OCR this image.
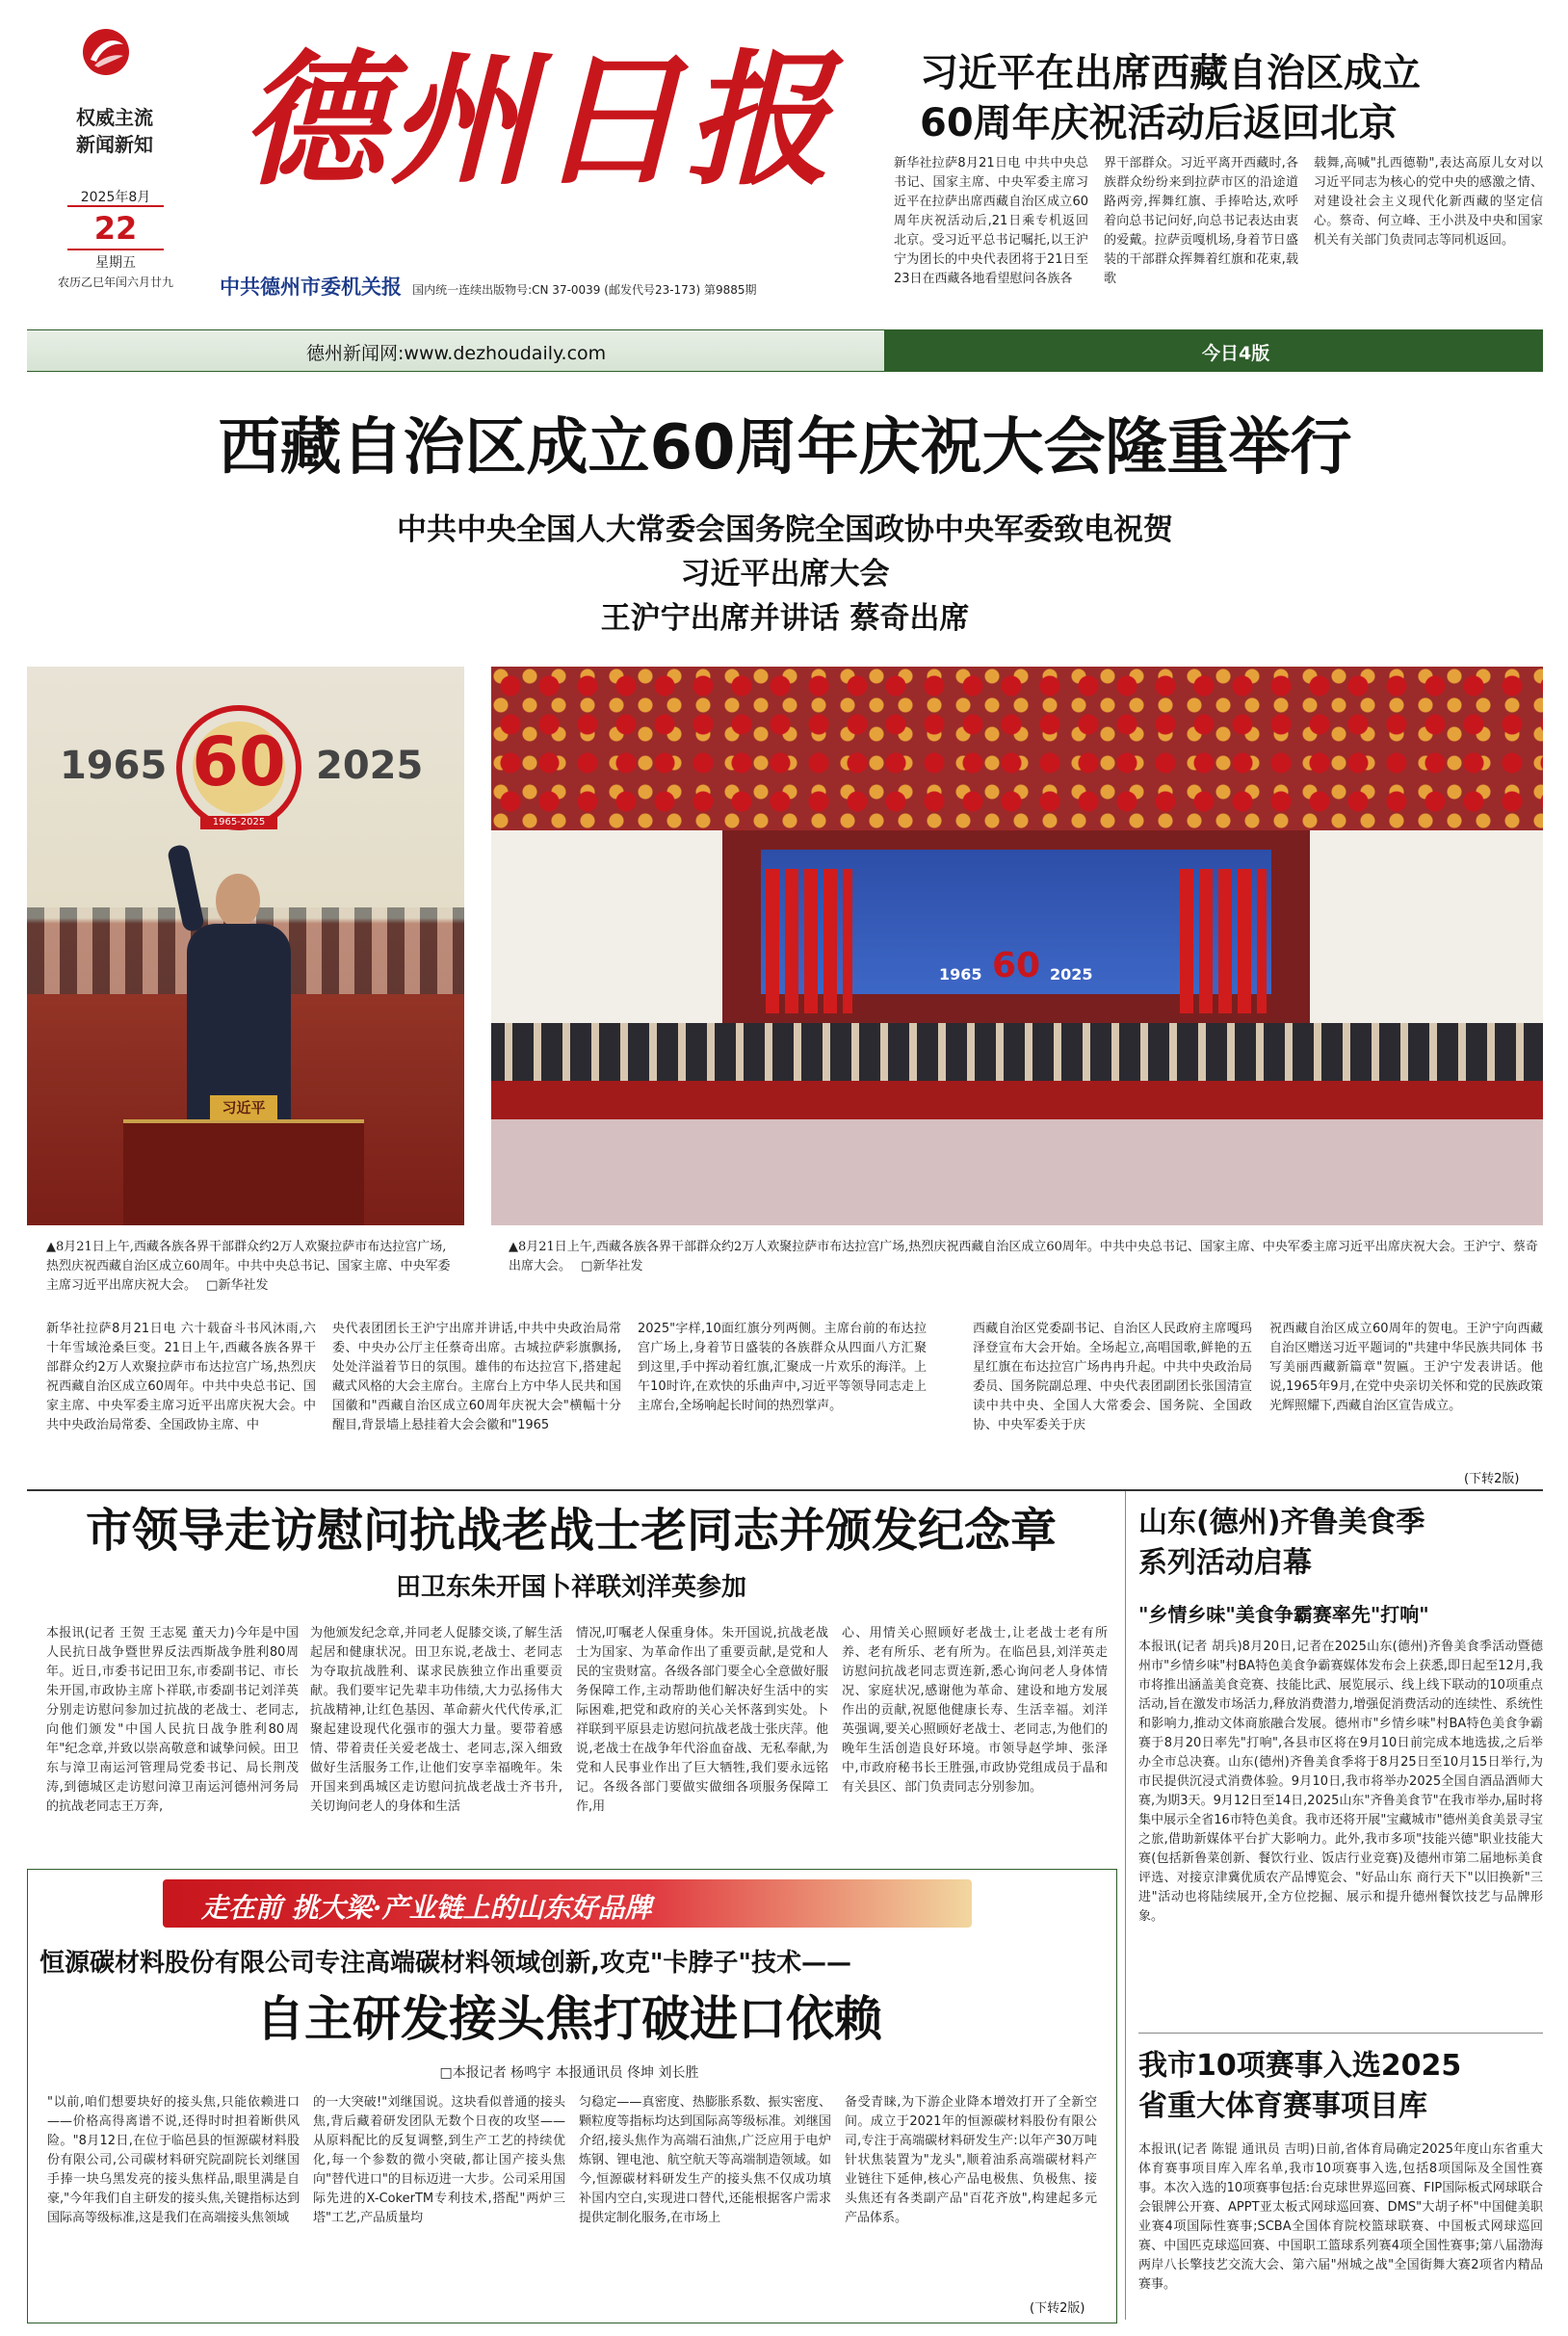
权威主流
新闻新知
2025年8月
22
星期五
农历乙巳年闰六月廿九
德州日报
中共德州市委机关报 国内统一连续出版物号:CN 37-0039 (邮发代号23-173) 第9885期
习近平在出席西藏自治区成立
60周年庆祝活动后返回北京
新华社拉萨8月21日电 中共中央总书记、国家主席、中央军委主席习近平在拉萨出席西藏自治区成立60周年庆祝活动后,21日乘专机返回北京。受习近平总书记嘱托,以王沪宁为团长的中央代表团将于21日至23日在西藏各地看望慰问各族各
界干部群众。习近平离开西藏时,各族群众纷纷来到拉萨市区的沿途道路两旁,挥舞红旗、手捧哈达,欢呼着向总书记问好,向总书记表达由衷的爱戴。拉萨贡嘎机场,身着节日盛装的干部群众挥舞着红旗和花束,载歌
载舞,高喊"扎西德勒",表达高原儿女对以习近平同志为核心的党中央的感激之情、对建设社会主义现代化新西藏的坚定信心。蔡奇、何立峰、王小洪及中央和国家机关有关部门负责同志等同机返回。
德州新闻网:www.dezhoudaily.com	今日4版
西藏自治区成立60周年庆祝大会隆重举行
中共中央全国人大常委会国务院全国政协中央军委致电祝贺
习近平出席大会
王沪宁出席并讲话 蔡奇出席
1965	2025
60
1965-2025
习近平
1965	2025
60
▲8月21日上午,西藏各族各界干部群众约2万人欢聚拉萨市布达拉宫广场,热烈庆祝西藏自治区成立60周年。中共中央总书记、国家主席、中央军委主席习近平出席庆祝大会。 □新华社发
▲8月21日上午,西藏各族各界干部群众约2万人欢聚拉萨市布达拉宫广场,热烈庆祝西藏自治区成立60周年。中共中央总书记、国家主席、中央军委主席习近平出席庆祝大会。王沪宁、蔡奇出席大会。 □新华社发
新华社拉萨8月21日电 六十载奋斗书风沐雨,六十年雪域沧桑巨变。21日上午,西藏各族各界干部群众约2万人欢聚拉萨市布达拉宫广场,热烈庆祝西藏自治区成立60周年。中共中央总书记、国家主席、中央军委主席习近平出席庆祝大会。中共中央政治局常委、全国政协主席、中
央代表团团长王沪宁出席并讲话,中共中央政治局常委、中央办公厅主任蔡奇出席。古城拉萨彩旗飘扬,处处洋溢着节日的氛围。雄伟的布达拉宫下,搭建起藏式风格的大会主席台。主席台上方中华人民共和国国徽和"西藏自治区成立60周年庆祝大会"横幅十分醒目,背景墙上悬挂着大会会徽和"1965
2025"字样,10面红旗分列两侧。主席台前的布达拉宫广场上,身着节日盛装的各族群众从四面八方汇聚到这里,手中挥动着红旗,汇聚成一片欢乐的海洋。上午10时许,在欢快的乐曲声中,习近平等领导同志走上主席台,全场响起长时间的热烈掌声。
西藏自治区党委副书记、自治区人民政府主席嘎玛泽登宣布大会开始。全场起立,高唱国歌,鲜艳的五星红旗在布达拉宫广场冉冉升起。中共中央政治局委员、国务院副总理、中央代表团副团长张国清宣读中共中央、全国人大常委会、国务院、全国政协、中央军委关于庆
祝西藏自治区成立60周年的贺电。王沪宁向西藏自治区赠送习近平题词的"共建中华民族共同体 书写美丽西藏新篇章"贺匾。王沪宁发表讲话。他说,1965年9月,在党中央亲切关怀和党的民族政策光辉照耀下,西藏自治区宣告成立。
(下转2版)
市领导走访慰问抗战老战士老同志并颁发纪念章
田卫东朱开国卜祥联刘洋英参加
本报讯(记者 王贺 王志冕 董天力)今年是中国人民抗日战争暨世界反法西斯战争胜利80周年。近日,市委书记田卫东,市委副书记、市长朱开国,市政协主席卜祥联,市委副书记刘洋英分别走访慰问参加过抗战的老战士、老同志,向他们颁发"中国人民抗日战争胜利80周年"纪念章,并致以崇高敬意和诚挚问候。田卫东与漳卫南运河管理局党委书记、局长荆茂涛,到德城区走访慰问漳卫南运河德州河务局的抗战老同志王万奔,
为他颁发纪念章,并同老人促膝交谈,了解生活起居和健康状况。田卫东说,老战士、老同志为夺取抗战胜利、谋求民族独立作出重要贡献。我们要牢记先辈丰功伟绩,大力弘扬伟大抗战精神,让红色基因、革命薪火代代传承,汇聚起建设现代化强市的强大力量。要带着感情、带着责任关爱老战士、老同志,深入细致做好生活服务工作,让他们安享幸福晚年。朱开国来到禹城区走访慰问抗战老战士齐书升,关切询问老人的身体和生活
情况,叮嘱老人保重身体。朱开国说,抗战老战士为国家、为革命作出了重要贡献,是党和人民的宝贵财富。各级各部门要全心全意做好服务保障工作,主动帮助他们解决好生活中的实际困难,把党和政府的关心关怀落到实处。卜祥联到平原县走访慰问抗战老战士张庆萍。他说,老战士在战争年代浴血奋战、无私奉献,为党和人民事业作出了巨大牺牲,我们要永远铭记。各级各部门要做实做细各项服务保障工作,用
心、用情关心照顾好老战士,让老战士老有所养、老有所乐、老有所为。在临邑县,刘洋英走访慰问抗战老同志贾连新,悉心询问老人身体情况、家庭状况,感谢他为革命、建设和地方发展作出的贡献,祝愿他健康长寿、生活幸福。刘洋英强调,要关心照顾好老战士、老同志,为他们的晚年生活创造良好环境。市领导赵学坤、张泽中,市政府秘书长王胜强,市政协党组成员于晶和有关县区、部门负责同志分别参加。
山东(德州)齐鲁美食季
系列活动启幕
"乡情乡味"美食争霸赛率先"打响"
本报讯(记者 胡兵)8月20日,记者在2025山东(德州)齐鲁美食季活动暨德州市"乡情乡味"村BA特色美食争霸赛媒体发布会上获悉,即日起至12月,我市将推出涵盖美食竞赛、技能比武、展览展示、线上线下联动的10项重点活动,旨在激发市场活力,释放消费潜力,增强促消费活动的连续性、系统性和影响力,推动文体商旅融合发展。德州市"乡情乡味"村BA特色美食争霸赛于8月20日率先"打响",各县市区将在9月10日前完成本地选拔,之后举办全市总决赛。山东(德州)齐鲁美食季将于8月25日至10月15日举行,为市民提供沉浸式消费体验。9月10日,我市将举办2025全国自酒品酒师大赛,为期3天。9月12日至14日,2025山东"齐鲁美食节"在我市举办,届时将集中展示全省16市特色美食。我市还将开展"宝藏城市"德州美食美景寻宝之旅,借助新媒体平台扩大影响力。此外,我市多项"技能兴德"职业技能大赛(包括新鲁菜创新、餐饮行业、饭店行业竞赛)及德州市第二届地标美食评选、对接京津冀优质农产品博览会、"好品山东 商行天下"以旧换新"三进"活动也将陆续展开,全方位挖掘、展示和提升德州餐饮技艺与品牌形象。
我市10项赛事入选2025
省重大体育赛事项目库
本报讯(记者 陈锟 通讯员 吉明)日前,省体育局确定2025年度山东省重大体育赛事项目库入库名单,我市10项赛事入选,包括8项国际及全国性赛事。本次入选的10项赛事包括:台克球世界巡回赛、FIP国际板式网球联合会银牌公开赛、APPT亚太板式网球巡回赛、DMS"大胡子杯"中国健美职业赛4项国际性赛事;SCBA全国体育院校篮球联赛、中国板式网球巡回赛、中国匹克球巡回赛、中国职工篮球系列赛4项全国性赛事;第八届渤海两岸八长擎技艺交流大会、第六届"州城之战"全国街舞大赛2项省内精品赛事。
走在前 挑大梁·产业链上的山东好品牌
恒源碳材料股份有限公司专注高端碳材料领域创新,攻克"卡脖子"技术——
自主研发接头焦打破进口依赖
□本报记者 杨鸣宇 本报通讯员 佟坤 刘长胜
"以前,咱们想要块好的接头焦,只能依赖进口——价格高得离谱不说,还得时时担着断供风险。"8月12日,在位于临邑县的恒源碳材料股份有限公司,公司碳材料研究院副院长刘继国手捧一块乌黑发亮的接头焦样品,眼里满是自豪,"今年我们自主研发的接头焦,关键指标达到国际高等级标准,这是我们在高端接头焦领域
的一大突破!"刘继国说。这块看似普通的接头焦,背后藏着研发团队无数个日夜的攻坚——从原料配比的反复调整,到生产工艺的持续优化,每一个参数的微小突破,都让国产接头焦向"替代进口"的目标迈进一大步。公司采用国际先进的X-CokerTM专利技术,搭配"两炉三塔"工艺,产品质量均
匀稳定——真密度、热膨胀系数、振实密度、颗粒度等指标均达到国际高等级标准。刘继国介绍,接头焦作为高端石油焦,广泛应用于电炉炼钢、锂电池、航空航天等高端制造领域。如今,恒源碳材料研发生产的接头焦不仅成功填补国内空白,实现进口替代,还能根据客户需求提供定制化服务,在市场上
备受青睐,为下游企业降本增效打开了全新空间。成立于2021年的恒源碳材料股份有限公司,专注于高端碳材料研发生产:以年产30万吨针状焦装置为"龙头",顺着油系高端碳材料产业链往下延伸,核心产品电极焦、负极焦、接头焦还有各类副产品"百花齐放",构建起多元产品体系。
(下转2版)
